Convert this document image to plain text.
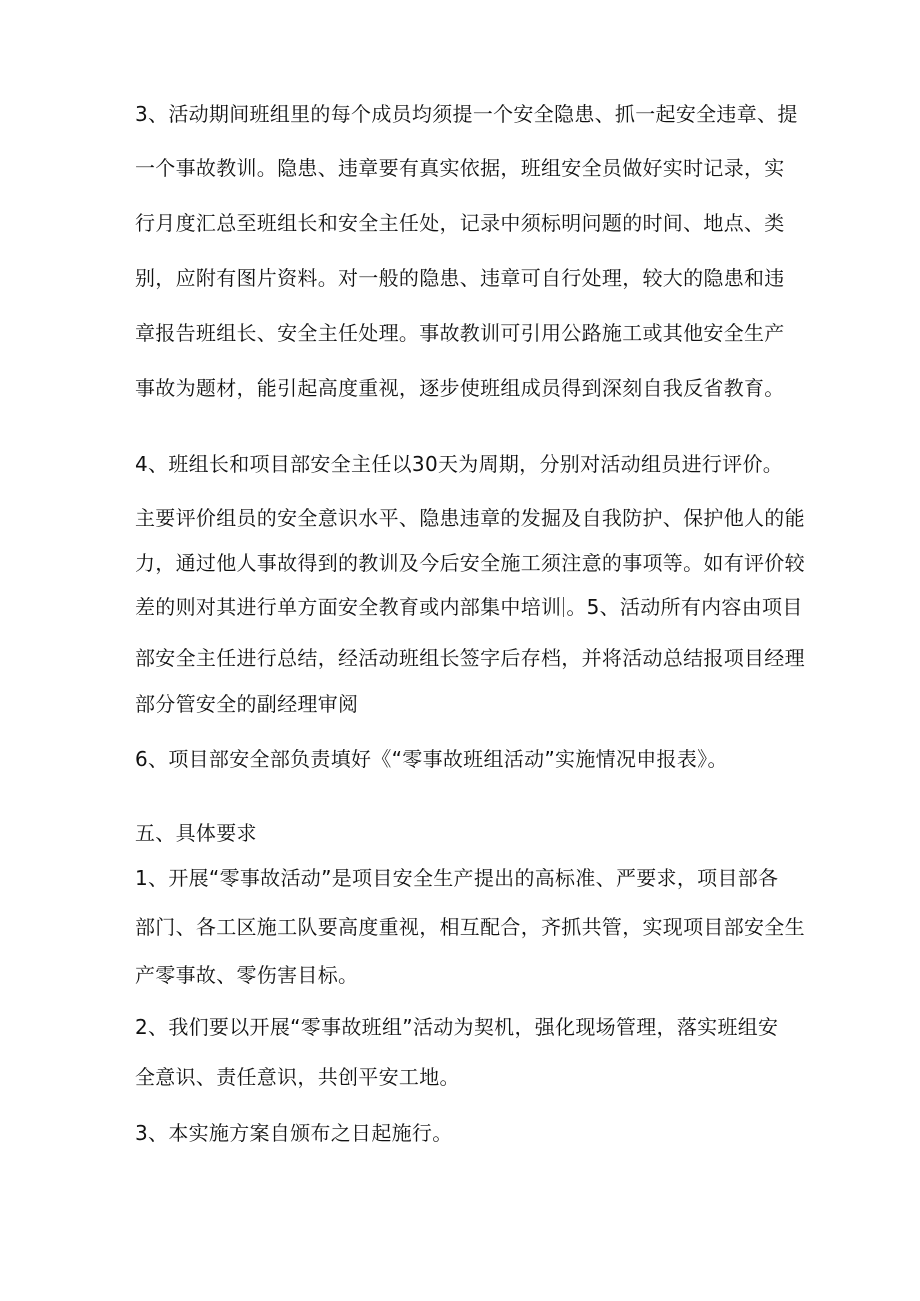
3、活动期间班组里的每个成员均须提一个安全隐患、抓一起安全违章、提
一个事故教训。隐患、违章要有真实依据，班组安全员做好实时记录，实
行月度汇总至班组长和安全主任处，记录中须标明问题的时间、地点、类
别，应附有图片资料。对一般的隐患、违章可自行处理，较大的隐患和违
章报告班组长、安全主任处理。事故教训可引用公路施工或其他安全生产
事故为题材，能引起高度重视，逐步使班组成员得到深刻自我反省教育。
4、班组长和项目部安全主任以30天为周期，分别对活动组员进行评价。
主要评价组员的安全意识水平、隐患违章的发掘及自我防护、保护他人的能
力，通过他人事故得到的教训及今后安全施工须注意的事项等。如有评价较
差的则对其进行单方面安全教育或内部集中培训 。5、活动所有内容由项目
部安全主任进行总结，经活动班组长签字后存档，并将活动总结报项目经理
部分管安全的副经理审阅
6、项目部安全部负责填好《“零事故班组活动”实施情况申报表》。
五、具体要求
1、开展“零事故活动”是项目安全生产提出的高标准、严要求，项目部各
部门、各工区施工队要高度重视，相互配合，齐抓共管，实现项目部安全生
产零事故、零伤害目标。
2、我们要以开展“零事故班组”活动为契机，强化现场管理，落实班组安
全意识、责任意识，共创平安工地。
3、本实施方案自颁布之日起施行。
